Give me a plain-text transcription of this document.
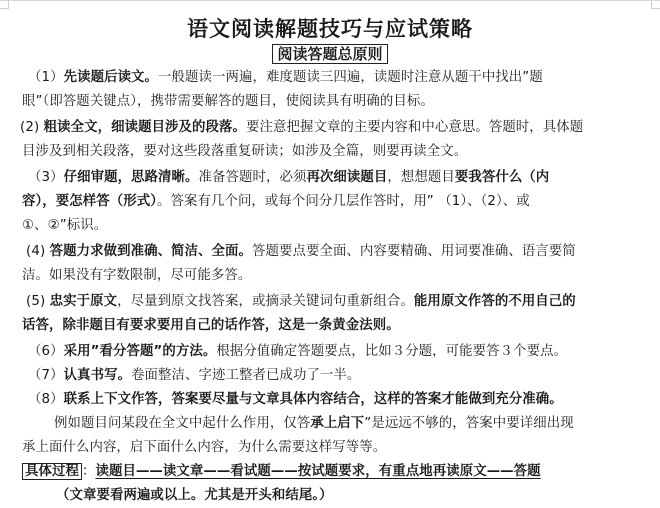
语文阅读解题技巧与应试策略
阅读答题总原则
（1）先读题后读文。一般题读一两遍，难度题读三四遍，读题时注意从题干中找出”题
眼”（即答题关键点），携带需要解答的题目，使阅读具有明确的目标。
(2) 粗读全文，细读题目涉及的段落。要注意把握文章的主要内容和中心意思。答题时，具体题
目涉及到相关段落，要对这些段落重复研读；如涉及全篇，则要再读全文。
（3）仔细审题，思路清晰。准备答题时，必须再次细读题目，想想题目要我答什么（内
容），要怎样答（形式）。答案有几个问，或每个问分几层作答时，用” （1）、（2）、或
①、②”标识。
(4) 答题力求做到准确、简洁、全面。答题要点要全面、内容要精确、用词要准确、语言要简
洁。如果没有字数限制，尽可能多答。
(5) 忠实于原文，尽量到原文找答案，或摘录关键词句重新组合。能用原文作答的不用自己的
话答，除非题目有要求要用自己的话作答，这是一条黄金法则。
（6）采用”看分答题”的方法。根据分值确定答题要点，比如３分题，可能要答３个要点。
（7）认真书写。卷面整洁、字迹工整者已成功了一半。
（8）联系上下文作答，答案要尽量与文章具体内容结合，这样的答案才能做到充分准确。
例如题目问某段在全文中起什么作用，仅答承上启下”是远远不够的，答案中要详细出现
承上面什么内容，启下面什么内容，为什么需要这样写等等。
具体过程 ：读题目——读文章——看试题——按试题要求，有重点地再读原文——答题
（文章要看两遍或以上。尤其是开头和结尾。）
